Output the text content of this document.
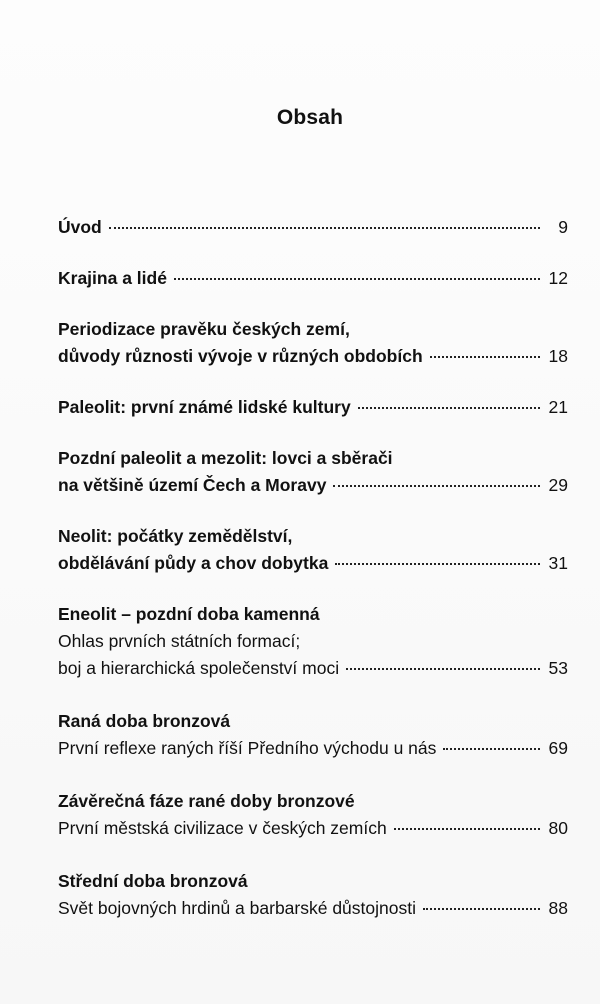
Obsah
Úvod	9
Krajina a lidé	12
Periodizace pravěku českých zemí,
důvody různosti vývoje v různých obdobích	18
Paleolit: první známé lidské kultury	21
Pozdní paleolit a mezolit: lovci a sběrači
na většině území Čech a Moravy	29
Neolit: počátky zemědělství,
obdělávání půdy a chov dobytka	31
Eneolit – pozdní doba kamenná
Ohlas prvních státních formací;
boj a hierarchická společenství moci	53
Raná doba bronzová
První reflexe raných říší Předního východu u nás	69
Závěrečná fáze rané doby bronzové
První městská civilizace v českých zemích	80
Střední doba bronzová
Svět bojovných hrdinů a barbarské důstojnosti	88
